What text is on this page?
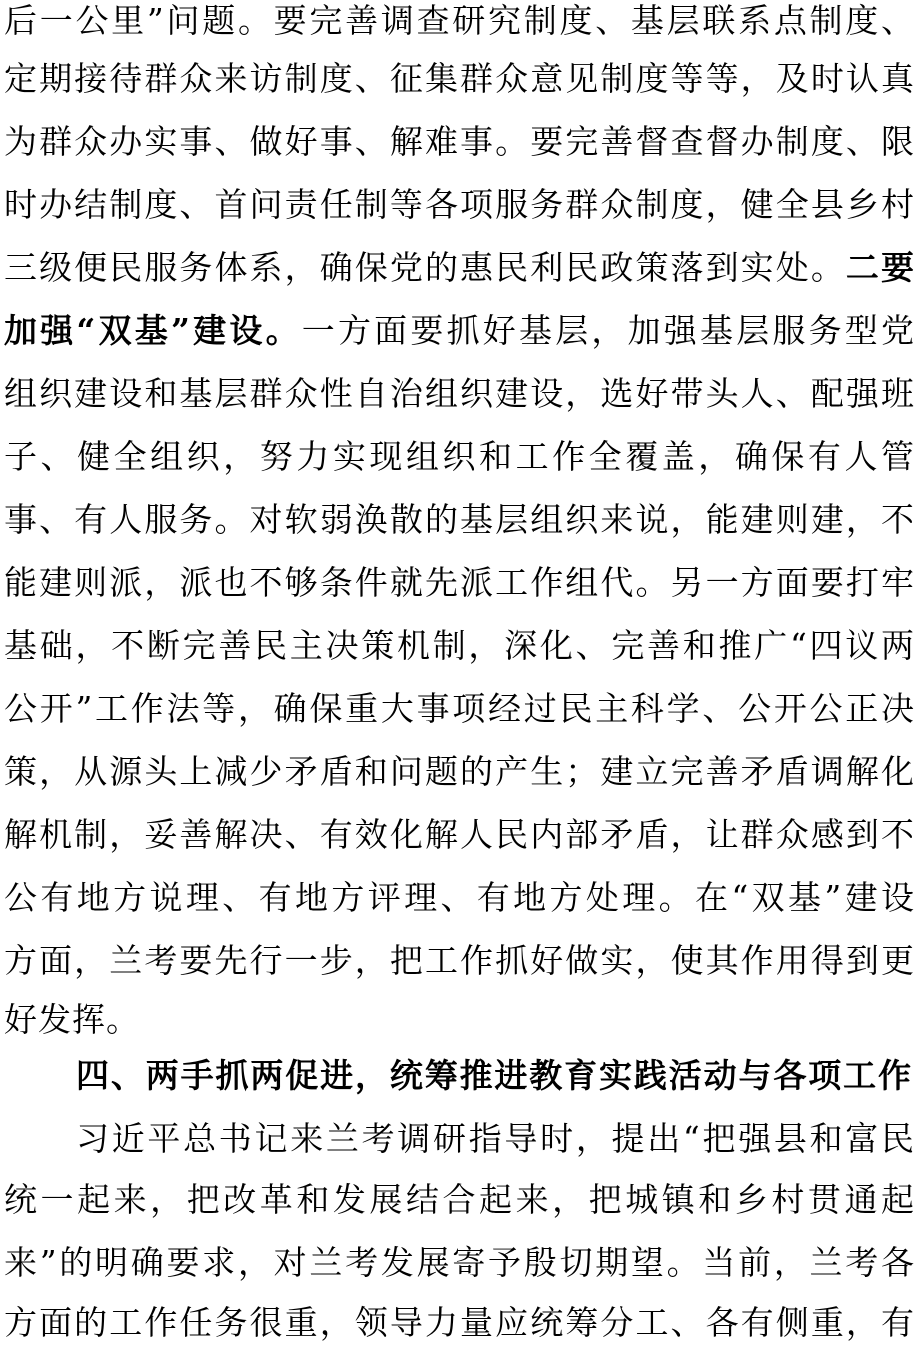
后一公里”问题。要完善调查研究制度、基层联系点制度、
定期接待群众来访制度、征集群众意见制度等等，及时认真
为群众办实事、做好事、解难事。要完善督查督办制度、限
时办结制度、首问责任制等各项服务群众制度，健全县乡村
三级便民服务体系，确保党的惠民利民政策落到实处。二要
加强“双基”建设。一方面要抓好基层，加强基层服务型党
组织建设和基层群众性自治组织建设，选好带头人、配强班
子、健全组织，努力实现组织和工作全覆盖，确保有人管
事、有人服务。对软弱涣散的基层组织来说，能建则建，不
能建则派，派也不够条件就先派工作组代。另一方面要打牢
基础，不断完善民主决策机制，深化、完善和推广“四议两
公开”工作法等，确保重大事项经过民主科学、公开公正决
策，从源头上减少矛盾和问题的产生；建立完善矛盾调解化
解机制，妥善解决、有效化解人民内部矛盾，让群众感到不
公有地方说理、有地方评理、有地方处理。在“双基”建设
方面，兰考要先行一步，把工作抓好做实，使其作用得到更
好发挥。
四、两手抓两促进，统筹推进教育实践活动与各项工作
习近平总书记来兰考调研指导时，提出“把强县和富民
统一起来，把改革和发展结合起来，把城镇和乡村贯通起
来”的明确要求，对兰考发展寄予殷切期望。当前，兰考各
方面的工作任务很重，领导力量应统筹分工、各有侧重，有
